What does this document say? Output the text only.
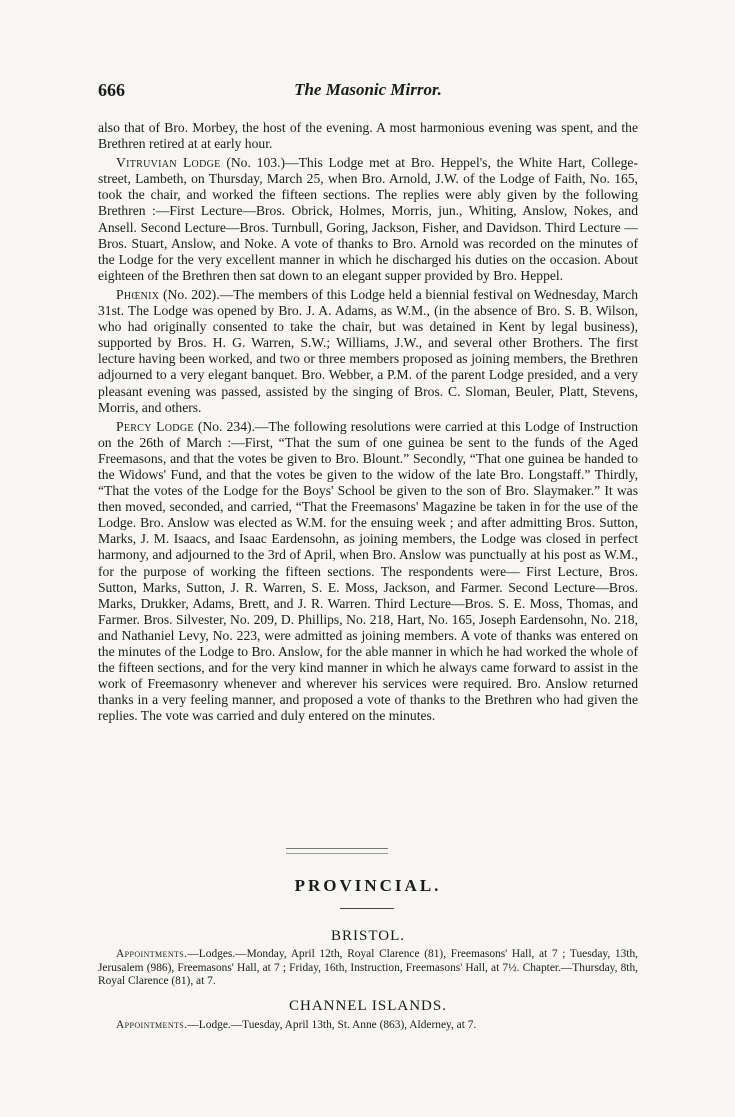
666	The Masonic Mirror.

also that of Bro. Morbey, the host of the evening. A most harmonious evening was spent, and the Brethren retired at at early hour.

Vitruvian Lodge (No. 103.)—This Lodge met at Bro. Heppel's, the White Hart, College-street, Lambeth, on Thursday, March 25, when Bro. Arnold, J.W. of the Lodge of Faith, No. 165, took the chair, and worked the fifteen sections. The replies were ably given by the following Brethren :—First Lecture—Bros. Obrick, Holmes, Morris, jun., Whiting, Anslow, Nokes, and Ansell. Second Lecture—Bros. Turnbull, Goring, Jackson, Fisher, and Davidson. Third Lecture —Bros. Stuart, Anslow, and Noke. A vote of thanks to Bro. Arnold was recorded on the minutes of the Lodge for the very excellent manner in which he discharged his duties on the occasion. About eighteen of the Brethren then sat down to an elegant supper provided by Bro. Heppel.

Phœnix (No. 202).—The members of this Lodge held a biennial festival on Wednesday, March 31st. The Lodge was opened by Bro. J. A. Adams, as W.M., (in the absence of Bro. S. B. Wilson, who had originally consented to take the chair, but was detained in Kent by legal business), supported by Bros. H. G. Warren, S.W.; Williams, J.W., and several other Brothers. The first lecture having been worked, and two or three members proposed as joining members, the Brethren adjourned to a very elegant banquet. Bro. Webber, a P.M. of the parent Lodge presided, and a very pleasant evening was passed, assisted by the singing of Bros. C. Sloman, Beuler, Platt, Stevens, Morris, and others.

Percy Lodge (No. 234).—The following resolutions were carried at this Lodge of Instruction on the 26th of March :—First, “That the sum of one guinea be sent to the funds of the Aged Freemasons, and that the votes be given to Bro. Blount.” Secondly, “That one guinea be handed to the Widows' Fund, and that the votes be given to the widow of the late Bro. Longstaff.” Thirdly, “That the votes of the Lodge for the Boys' School be given to the son of Bro. Slaymaker.” It was then moved, seconded, and carried, “That the Freemasons' Magazine be taken in for the use of the Lodge. Bro. Anslow was elected as W.M. for the ensuing week ; and after admitting Bros. Sutton, Marks, J. M. Isaacs, and Isaac Eardensohn, as joining members, the Lodge was closed in perfect harmony, and adjourned to the 3rd of April, when Bro. Anslow was punctually at his post as W.M., for the purpose of working the fifteen sections. The respondents were— First Lecture, Bros. Sutton, Marks, Sutton, J. R. Warren, S. E. Moss, Jackson, and Farmer. Second Lecture—Bros. Marks, Drukker, Adams, Brett, and J. R. Warren. Third Lecture—Bros. S. E. Moss, Thomas, and Farmer. Bros. Silvester, No. 209, D. Phillips, No. 218, Hart, No. 165, Joseph Eardensohn, No. 218, and Nathaniel Levy, No. 223, were admitted as joining members. A vote of thanks was entered on the minutes of the Lodge to Bro. Anslow, for the able manner in which he had worked the whole of the fifteen sections, and for the very kind manner in which he always came forward to assist in the work of Freemasonry whenever and wherever his services were required. Bro. Anslow returned thanks in a very feeling manner, and proposed a vote of thanks to the Brethren who had given the replies. The vote was carried and duly entered on the minutes.

PROVINCIAL.
BRISTOL.
Appointments.—Lodges.—Monday, April 12th, Royal Clarence (81), Freemasons' Hall, at 7 ; Tuesday, 13th, Jerusalem (986), Freemasons' Hall, at 7 ; Friday, 16th, Instruction, Freemasons' Hall, at 7½. Chapter.—Thursday, 8th, Royal Clarence (81), at 7.
CHANNEL ISLANDS.
Appointments.—Lodge.—Tuesday, April 13th, St. Anne (863), Alderney, at 7.
